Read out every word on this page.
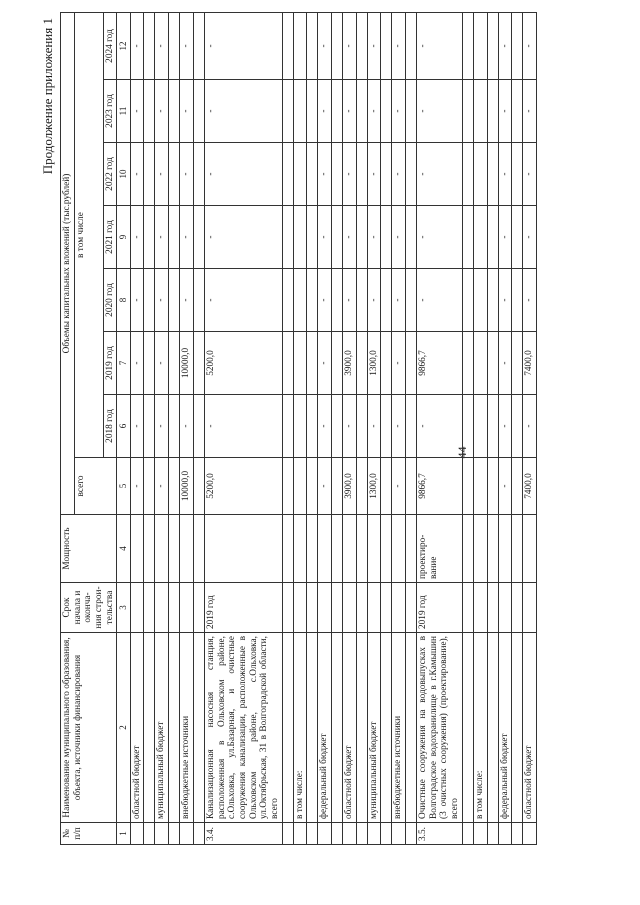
44
Продолжение приложения 1
№ п/п	Наименование муниципального образования, объекта, источники финансирования	Срок начала и оконча- ния строи- тельства	Мощность	Объемы капитальных вложений (тыс.рублей)							
				всего	в том числе						
					2018 год	2019 год	2020 год	2021 год	2022 год	2023 год	2024 год
1	2	3	4	5	6	7	8	9	10	11	12
	областной бюджет			-	-	-	-	-	-	-	-

	муниципальный бюджет			-	-	-	-	-	-	-	-

	внебюджетные источники			10000,0	-	10000,0	-	-	-	-	-

3.4.	Канализационная насосная станция, расположенная в Ольховском районе, с.Ольховка, ул.Базарная, и очистные сооружения канализации, расположенные в Ольховском районе, с.Ольховка, ул.Октябрьская, 31 в Волгоградской области, всего	2019 год		5200,0	-	5200,0	-	-	-	-	-

	в том числе:										

	федеральный бюджет			-	-	-	-	-	-	-	-

	областной бюджет			3900,0	-	3900,0	-	-	-	-	-

	муниципальный бюджет			1300,0	-	1300,0	-	-	-	-	-

	внебюджетные источники			-	-	-	-	-	-	-	-

3.5.	Очистные сооружения на водовыпусках в Волгоградское водохранилище в г.Камышин (3 очистных сооружения) (проектирование), всего	2019 год	проектиро- вание	9866,7	-	9866,7	-	-	-	-	-

	в том числе:										

	федеральный бюджет			-	-	-	-	-	-	-	-

	областной бюджет			7400,0	-	7400,0	-	-	-	-	-
